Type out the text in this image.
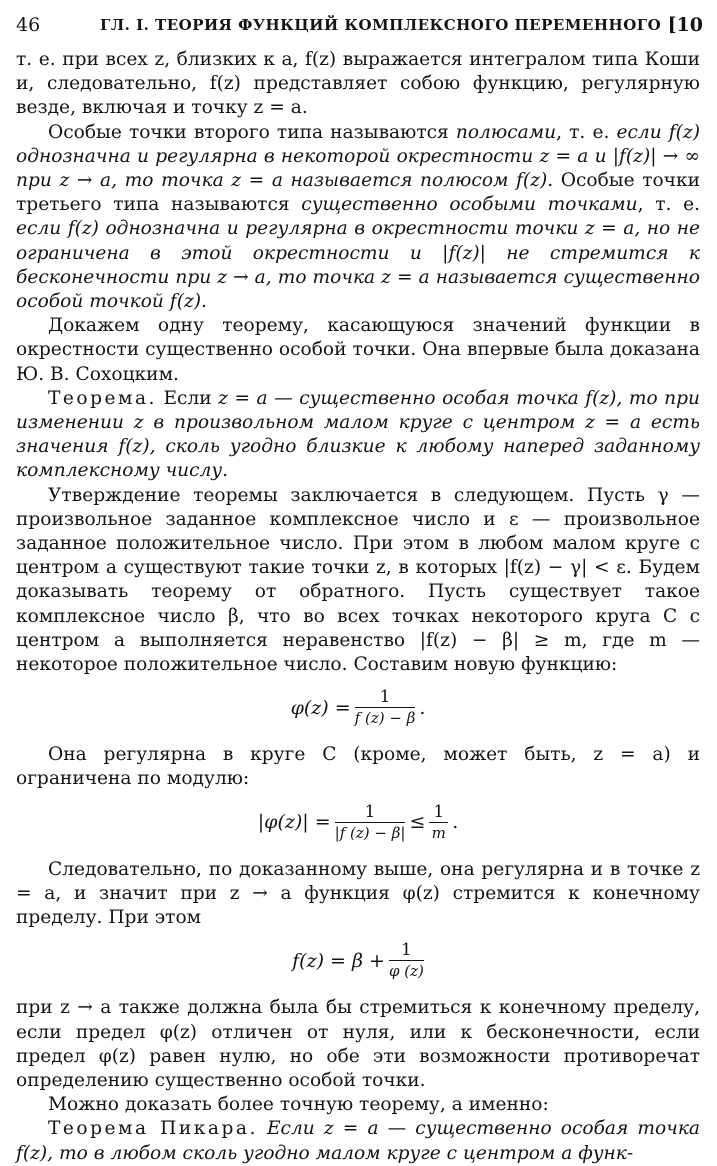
46	ГЛ. I. ТЕОРИЯ ФУНКЦИЙ КОМПЛЕКСНОГО ПЕРЕМЕННОГО [10

т. е. при всех z, близких к a, f(z) выражается интегралом типа Коши и, следовательно, f(z) представляет собою функцию, регулярную везде, включая и точку z = a.

Особые точки второго типа называются полюсами, т. е. если f(z) однозначна и регулярна в некоторой окрестности z = a и |f(z)| → ∞ при z → a, то точка z = a называется полюсом f(z). Особые точки третьего типа называются существенно особыми точками, т. е. если f(z) однозначна и регулярна в окрестности точки z = a, но не ограничена в этой окрестности и |f(z)| не стремится к бесконечности при z → a, то точка z = a называется существенно особой точкой f(z).

Докажем одну теорему, касающуюся значений функции в окрестности существенно особой точки. Она впервые была доказана Ю. В. Сохоцким.

Теорема. Если z = a — существенно особая точка f(z), то при изменении z в произвольном малом круге с центром z = a есть значения f(z), сколь угодно близкие к любому наперед заданному комплексному числу.

Утверждение теоремы заключается в следующем. Пусть γ — произвольное заданное комплексное число и ε — произвольное заданное положительное число. При этом в любом малом круге с центром a существуют такие точки z, в которых |f(z) − γ| < ε. Будем доказывать теорему от обратного. Пусть существует такое комплексное число β, что во всех точках некоторого круга C с центром a выполняется неравенство |f(z) − β| ≥ m, где m — некоторое положительное число. Составим новую функцию:

$\varphi(z) = \frac{1}{f (z) - \beta}$ .

Она регулярна в круге C (кроме, может быть, z = a) и ограничена по модулю:

$|\varphi(z)| = \frac{1}{|f (z) - \beta|} \le \frac{1}{m}$ .

Следовательно, по доказанному выше, она регулярна и в точке z = a, и значит при z → a функция φ(z) стремится к конечному пределу. При этом

$f(z) = \beta + \frac{1}{\varphi (z)}$

при z → a также должна была бы стремиться к конечному пределу, если предел φ(z) отличен от нуля, или к бесконечности, если предел φ(z) равен нулю, но обе эти возможности противоречат определению существенно особой точки.

Можно доказать более точную теорему, а именно:

Теорема Пикара. Если z = a — существенно особая точка f(z), то в любом сколь угодно малом круге с центром a функ-
